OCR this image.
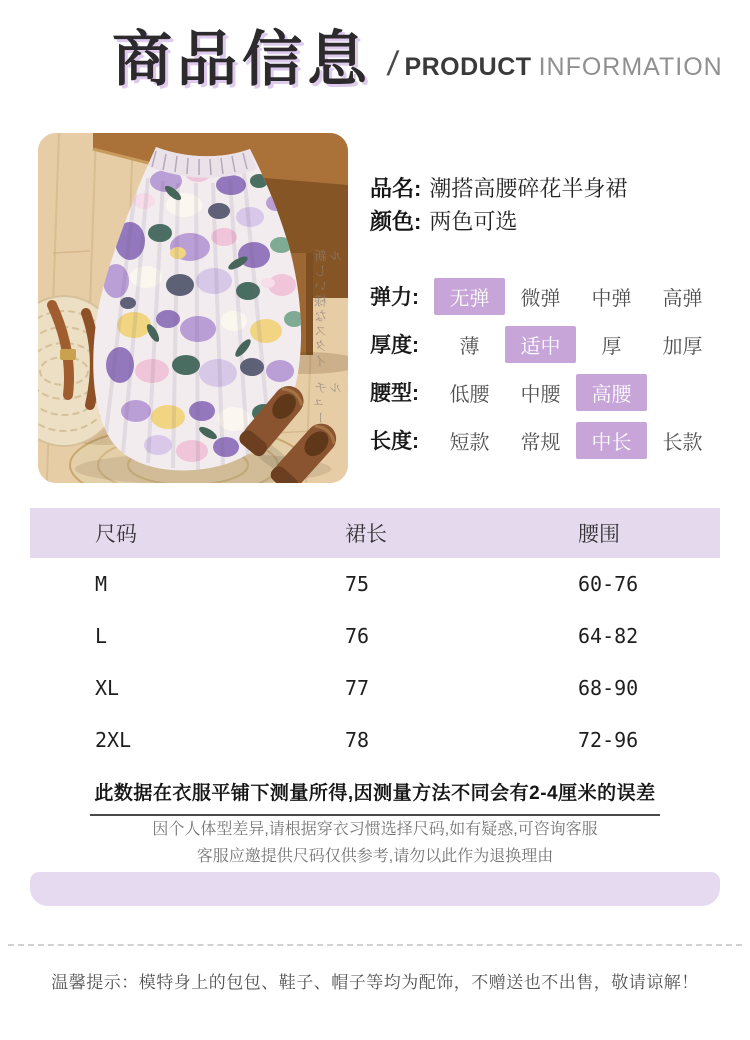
商品信息 / PRODUCT INFORMATION
新しい様なスタイル
チュール
品名: 潮搭高腰碎花半身裙
颜色: 两色可选
弹力:	无弹	微弹	中弹	高弹
厚度:	薄	适中	厚	加厚
腰型:	低腰	中腰	高腰
长度:	短款	常规	中长	长款
尺码	裙长	腰围
M	75	60-76
L	76	64-82
XL	77	68-90
2XL	78	72-96
此数据在衣服平铺下测量所得,因测量方法不同会有2-4厘米的误差
因个人体型差异,请根据穿衣习惯选择尺码,如有疑惑,可咨询客服
客服应邀提供尺码仅供参考,请勿以此作为退换理由
温馨提示：模特身上的包包、鞋子、帽子等均为配饰，不赠送也不出售，敬请谅解！
